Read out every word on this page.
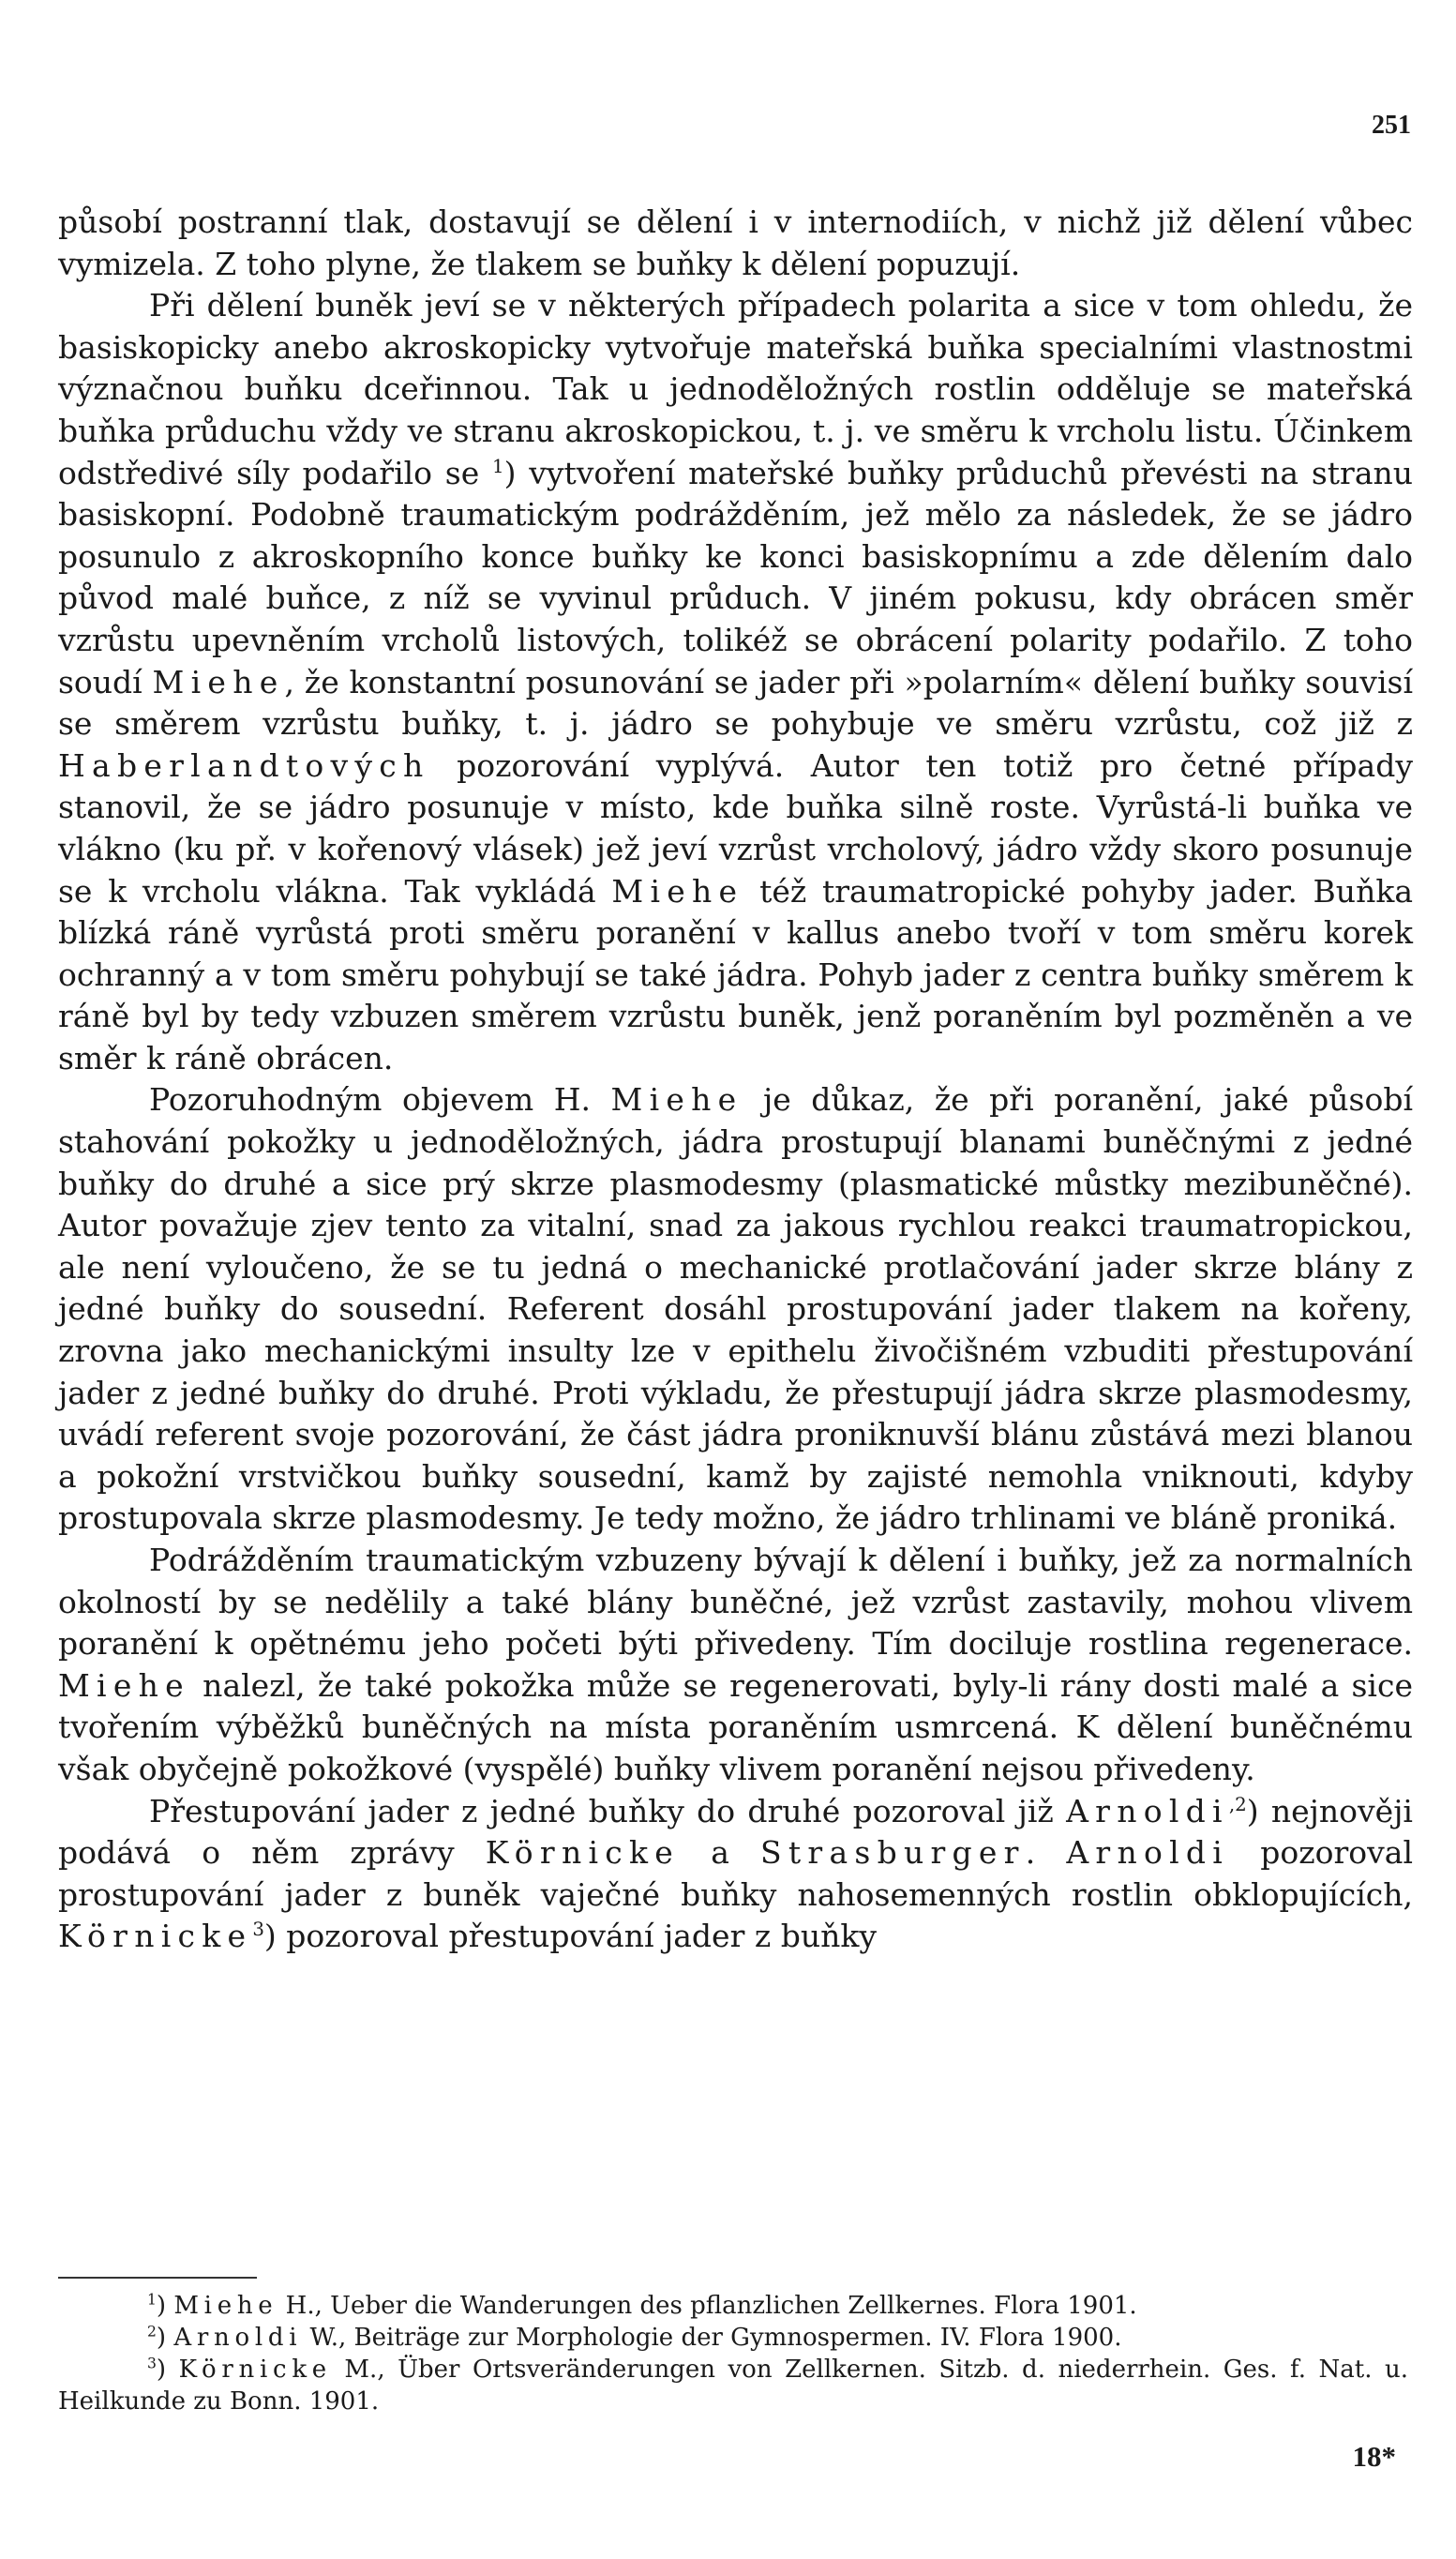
251

působí postranní tlak, dostavují se dělení i v internodiích, v nichž již dělení vůbec vymizela. Z toho plyne, že tlakem se buňky k dělení popuzují.

Při dělení buněk jeví se v některých případech polarita a sice v tom ohledu, že basiskopicky anebo akroskopicky vytvořuje mateřská buňka specialními vlastnostmi význačnou buňku dceřinnou. Tak u jednoděložných rostlin odděluje se mateřská buňka průduchu vždy ve stranu akroskopickou, t. j. ve směru k vrcholu listu. Účinkem odstředivé síly podařilo se $^1$) vytvoření mateřské buňky průduchů převésti na stranu basiskopní. Podobně traumatickým podrážděním, jež mělo za následek, že se jádro posunulo z akroskopního konce buňky ke konci basiskopnímu a zde dělením dalo původ malé buňce, z níž se vyvinul průduch. V jiném pokusu, kdy obrácen směr vzrůstu upevněním vrcholů listových, tolikéž se obrácení polarity podařilo. Z toho soudí Miehe, že konstantní posunování se jader při »polarním« dělení buňky souvisí se směrem vzrůstu buňky, t. j. jádro se pohybuje ve směru vzrůstu, což již z Haberlandtových pozorování vyplývá. Autor ten totiž pro četné případy stanovil, že se jádro posunuje v místo, kde buňka silně roste. Vyrůstá-li buňka ve vlákno (ku př. v kořenový vlásek) jež jeví vzrůst vrcholový, jádro vždy skoro posunuje se k vrcholu vlákna. Tak vykládá Miehe též traumatropické pohyby jader. Buňka blízká ráně vyrůstá proti směru poranění v kallus anebo tvoří v tom směru korek ochranný a v tom směru pohybují se také jádra. Pohyb jader z centra buňky směrem k ráně byl by tedy vzbuzen směrem vzrůstu buněk, jenž poraněním byl pozměněn a ve směr k ráně obrácen.

Pozoruhodným objevem H. Miehe je důkaz, že při poranění, jaké působí stahování pokožky u jednoděložných, jádra prostupují blanami buněčnými z jedné buňky do druhé a sice prý skrze plasmodesmy (plasmatické můstky mezibuněčné). Autor považuje zjev tento za vitalní, snad za jakous rychlou reakci traumatropickou, ale není vyloučeno, že se tu jedná o mechanické protlačování jader skrze blány z jedné buňky do sousední. Referent dosáhl prostupování jader tlakem na kořeny, zrovna jako mechanickými insulty lze v epithelu živočišném vzbuditi přestupování jader z jedné buňky do druhé. Proti výkladu, že přestupují jádra skrze plasmodesmy, uvádí referent svoje pozorování, že část jádra proniknuvší blánu zůstává mezi blanou a pokožní vrstvičkou buňky sousední, kamž by zajisté nemohla vniknouti, kdyby prostupovala skrze plasmodesmy. Je tedy možno, že jádro trhlinami ve bláně proniká.

Podrážděním traumatickým vzbuzeny bývají k dělení i buňky, jež za normalních okolností by se nedělily a také blány buněčné, jež vzrůst zastavily, mohou vlivem poranění k opětnému jeho početi býti přivedeny. Tím dociluje rostlina regenerace. Miehe nalezl, že také pokožka může se regenerovati, byly-li rány dosti malé a sice tvořením výběžků buněčných na místa poraněním usmrcená. K dělení buněčnému však obyčejně pokožkové (vyspělé) buňky vlivem poranění nejsou přivedeny.

Přestupování jader z jedné buňky do druhé pozoroval již Arnoldi$^{,2}$) nejnověji podává o něm zprávy Körnicke a Strasburger. Arnoldi pozoroval prostupování jader z buněk vaječné buňky nahosemenných rostlin obklopujících, Körnicke$^3$) pozoroval přestupování jader z buňky

$^1$) Miehe H., Ueber die Wanderungen des pflanzlichen Zellkernes. Flora 1901.

$^2$) Arnoldi W., Beiträge zur Morphologie der Gymnospermen. IV. Flora 1900.

$^3$) Körnicke M., Über Ortsveränderungen von Zellkernen. Sitzb. d. niederrhein. Ges. f. Nat. u. Heilkunde zu Bonn. 1901.

18*
